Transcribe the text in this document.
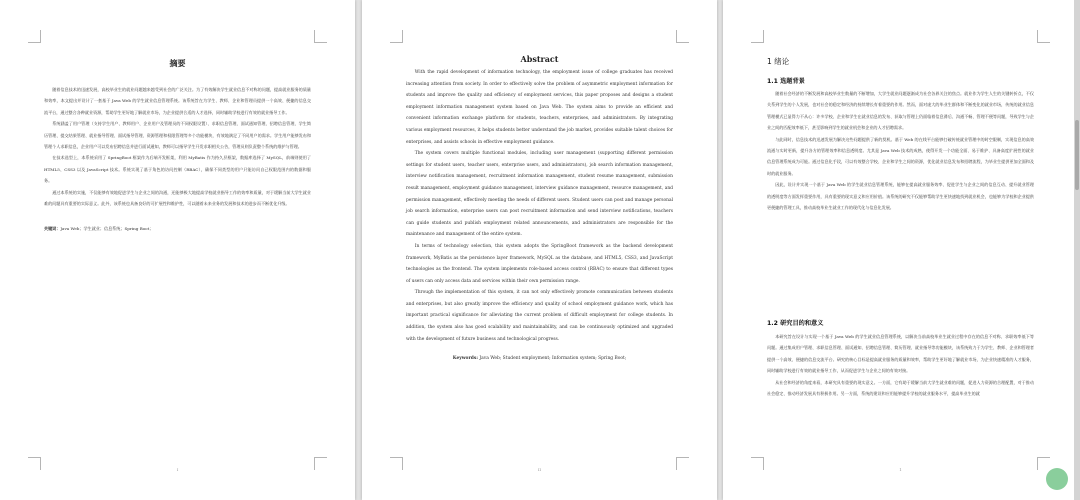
摘要

随着信息技术的迅速发展，高校毕业生的就业问题越来越受到社会的广泛关注。为了有效解决学生就业信息不对称的问题，提高就业服务的质量和效率，本文提出并设计了一套基于 Java Web 的学生就业信息管理系统。该系统旨在为学生、教师、企业和管理员提供一个高效、便捷的信息交流平台，通过整合各种就业资源，帮助学生更好地了解就业市场，为企业提供合适的人才选择，同时辅助学校进行有效的就业指导工作。

系统涵盖了用户管理（支持学生用户、教师用户、企业用户及管理员的不同权限设置）、求职信息管理、面试通知管理、招聘信息管理、学生简历管理、提交结果管理、就业指导管理、面试指导管理、资源管理和权限管理等多个功能模块，有效地满足了不同用户的需求。学生用户能够发布和管理个人求职信息，企业用户可以发布招聘信息并进行面试通知，教师可以指导学生开发求职相关公告，管理员则负责整个系统的维护与管理。

在技术选型上，本系统采用了 SpringBoot 框架作为后端开发框架，利用 MyBatis 作为持久层框架，数据库选择了 MySQL，前端则使用了 HTML5、CSS3 以及 JavaScript 技术。系统实现了基于角色的访问控制（RBAC），确保不同类型的用户只能访问自己权限范围内的数据和服务。

通过本系统的实施，不仅能够有效地促进学生与企业之间的沟通，还能够极大地提高学校就业指导工作的效率和质量，对于缓解当前大学生就业难的问题具有重要的实际意义。此外，该系统也具备良好的可扩展性和维护性，可以随着未来业务的发展和技术的进步而不断优化升级。

关键词：Java Web；学生就业；信息系统；Spring Boot；

I
Abstract

With the rapid development of information technology, the employment issue of college graduates has received increasing attention from society. In order to effectively solve the problem of asymmetric employment information for students and improve the quality and efficiency of employment services, this paper proposes and designs a student employment information management system based on Java Web. The system aims to provide an efficient and convenient information exchange platform for students, teachers, enterprises, and administrators. By integrating various employment resources, it helps students better understand the job market, provides suitable talent choices for enterprises, and assists schools in effective employment guidance.

The system covers multiple functional modules, including user management (supporting different permission settings for student users, teacher users, enterprise users, and administrators), job search information management, interview notification management, recruitment information management, student resume management, submission result management, employment guidance management, interview guidance management, resource management, and permission management, effectively meeting the needs of different users. Student users can post and manage personal job search information, enterprise users can post recruitment information and send interview notifications, teachers can guide students and publish employment related announcements, and administrators are responsible for the maintenance and management of the entire system.

In terms of technology selection, this system adopts the SpringBoot framework as the backend development framework, MyBatis as the persistence layer framework, MySQL as the database, and HTML5, CSS3, and JavaScript technologies as the frontend. The system implements role-based access control (RBAC) to ensure that different types of users can only access data and services within their own permission range.

Through the implementation of this system, it can not only effectively promote communication between students and enterprises, but also greatly improve the efficiency and quality of school employment guidance work, which has important practical significance for alleviating the current problem of difficult employment for college students. In addition, the system also has good scalability and maintainability, and can be continuously optimized and upgraded with the development of future business and technological progress.

Keywords: Java Web; Student employment; Information system; Spring Boot;

II
1 绪论
1.1 选题背景

随着社会经济的不断发展和高校毕业生数量的不断增加，大学生就业问题逐渐成为社会各界关注的焦点。就业作为学生人生的关键转折点，不仅关系到学生的个人发展，也对社会的稳定和经济的持续增长有着重要的作用。然而，面对庞大的毕业生群体和不断变化的就业市场，传统的就业信息管理模式已显得力不从心：许多学校、企业和学生在就业信息的发布、获取与管理上仍面临着信息滞后、沟通不畅、管理不便等问题，导致学生与企业之间的匹配效率低下，甚至影响到学生的就业机会和企业的人才招聘需求。

与此同时，信息技术的迅速发展为解决这些问题提供了新的契机。基于 Web 的在线平台能够打破传统就业管理中的时空限制，实现信息的高效流通与实时更新，提升各方的管理效率和信息透明度。尤其是 Java Web 技术的成熟，使得开发一个功能全面、易于维护、具备高度扩展性的就业信息管理系统成为可能。通过信息化手段，可以有效整合学校、企业和学生之间的资源，优化就业信息发布和招聘流程，为毕业生提供更加全面和及时的就业服务。

因此，设计并实现一个基于 Java Web 的学生就业信息管理系统，能够在提高就业服务效率、促进学生与企业之间的信息互动、提升就业管理的透明度等方面发挥重要作用，具有重要的现实意义和应用价值。该系统的研究不仅能够帮助学生更快速地找到就业机会，也能够为学校和企业提供更便捷的管理工具，推动高校毕业生就业工作的现代化与信息化发展。

1.2 研究目的和意义

本研究旨在设计与实现一个基于 Java Web 的学生就业信息管理系统，以解决当前高校毕业生就业过程中存在的信息不对称、求职效率低下等问题。通过集成用户管理、求职信息管理、面试通知、招聘信息管理、简历管理、就业指导等功能模块，该系统致力于为学生、教师、企业和管理者提供一个高效、便捷的信息交流平台。研究的核心目标是提高就业服务的质量和效率，帮助学生更好地了解就业市场，为企业快速精准的人才服务，同时辅助学校进行有效的就业指导工作，从而促进学生与企业之间的有效对接。

从社会和经济的角度来看，本研究具有重要的现实意义。一方面，它有助于缓解当前大学生就业难的问题，促进人力资源的合理配置，对于推动社会稳定、推动经济发展具有积极作用。另一方面，系统的建设和应用能够提升学校的就业服务水平，提高毕业生的就

1
